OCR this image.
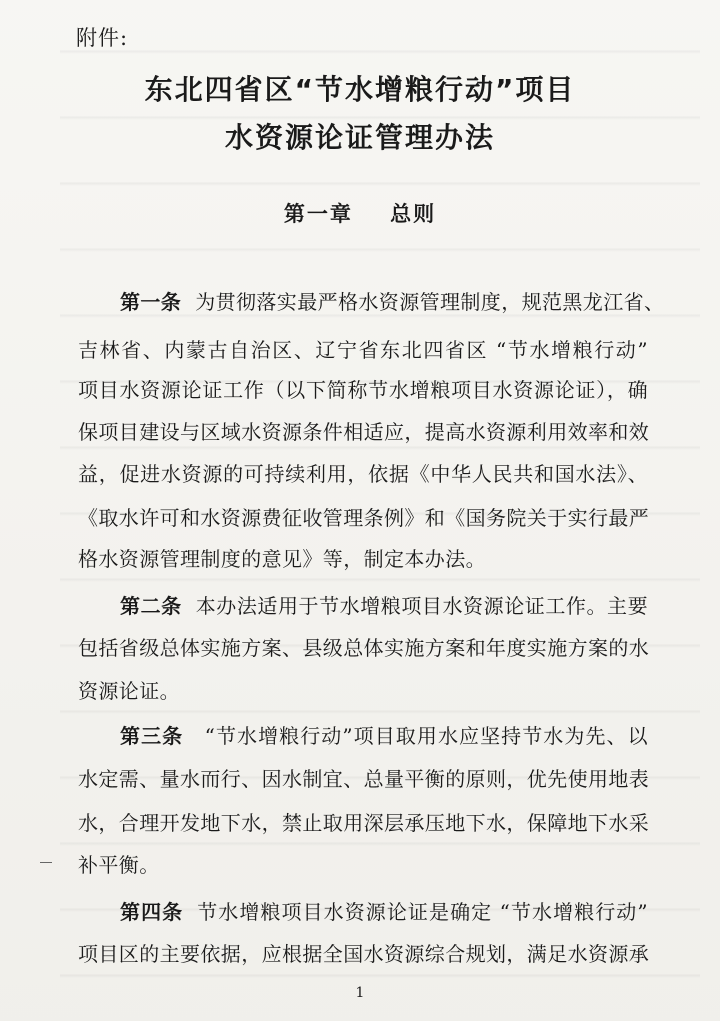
附件:
东北四省区“节水增粮行动”项目
水资源论证管理办法
第一章    总则
第一条 为贯彻落实最严格水资源管理制度，规范黑龙江省、
吉林省、内蒙古自治区、辽宁省东北四省区 “节水增粮行动”
项目水资源论证工作（以下简称节水增粮项目水资源论证），确
保项目建设与区域水资源条件相适应，提高水资源利用效率和效
益，促进水资源的可持续利用，依据《中华人民共和国水法》、
《取水许可和水资源费征收管理条例》和《国务院关于实行最严
格水资源管理制度的意见》等，制定本办法。
第二条 本办法适用于节水增粮项目水资源论证工作。主要
包括省级总体实施方案、县级总体实施方案和年度实施方案的水
资源论证。
第三条 “节水增粮行动”项目取用水应坚持节水为先、以
水定需、量水而行、因水制宜、总量平衡的原则，优先使用地表
水，合理开发地下水，禁止取用深层承压地下水，保障地下水采
补平衡。
第四条 节水增粮项目水资源论证是确定 “节水增粮行动”
项目区的主要依据，应根据全国水资源综合规划，满足水资源承
1
